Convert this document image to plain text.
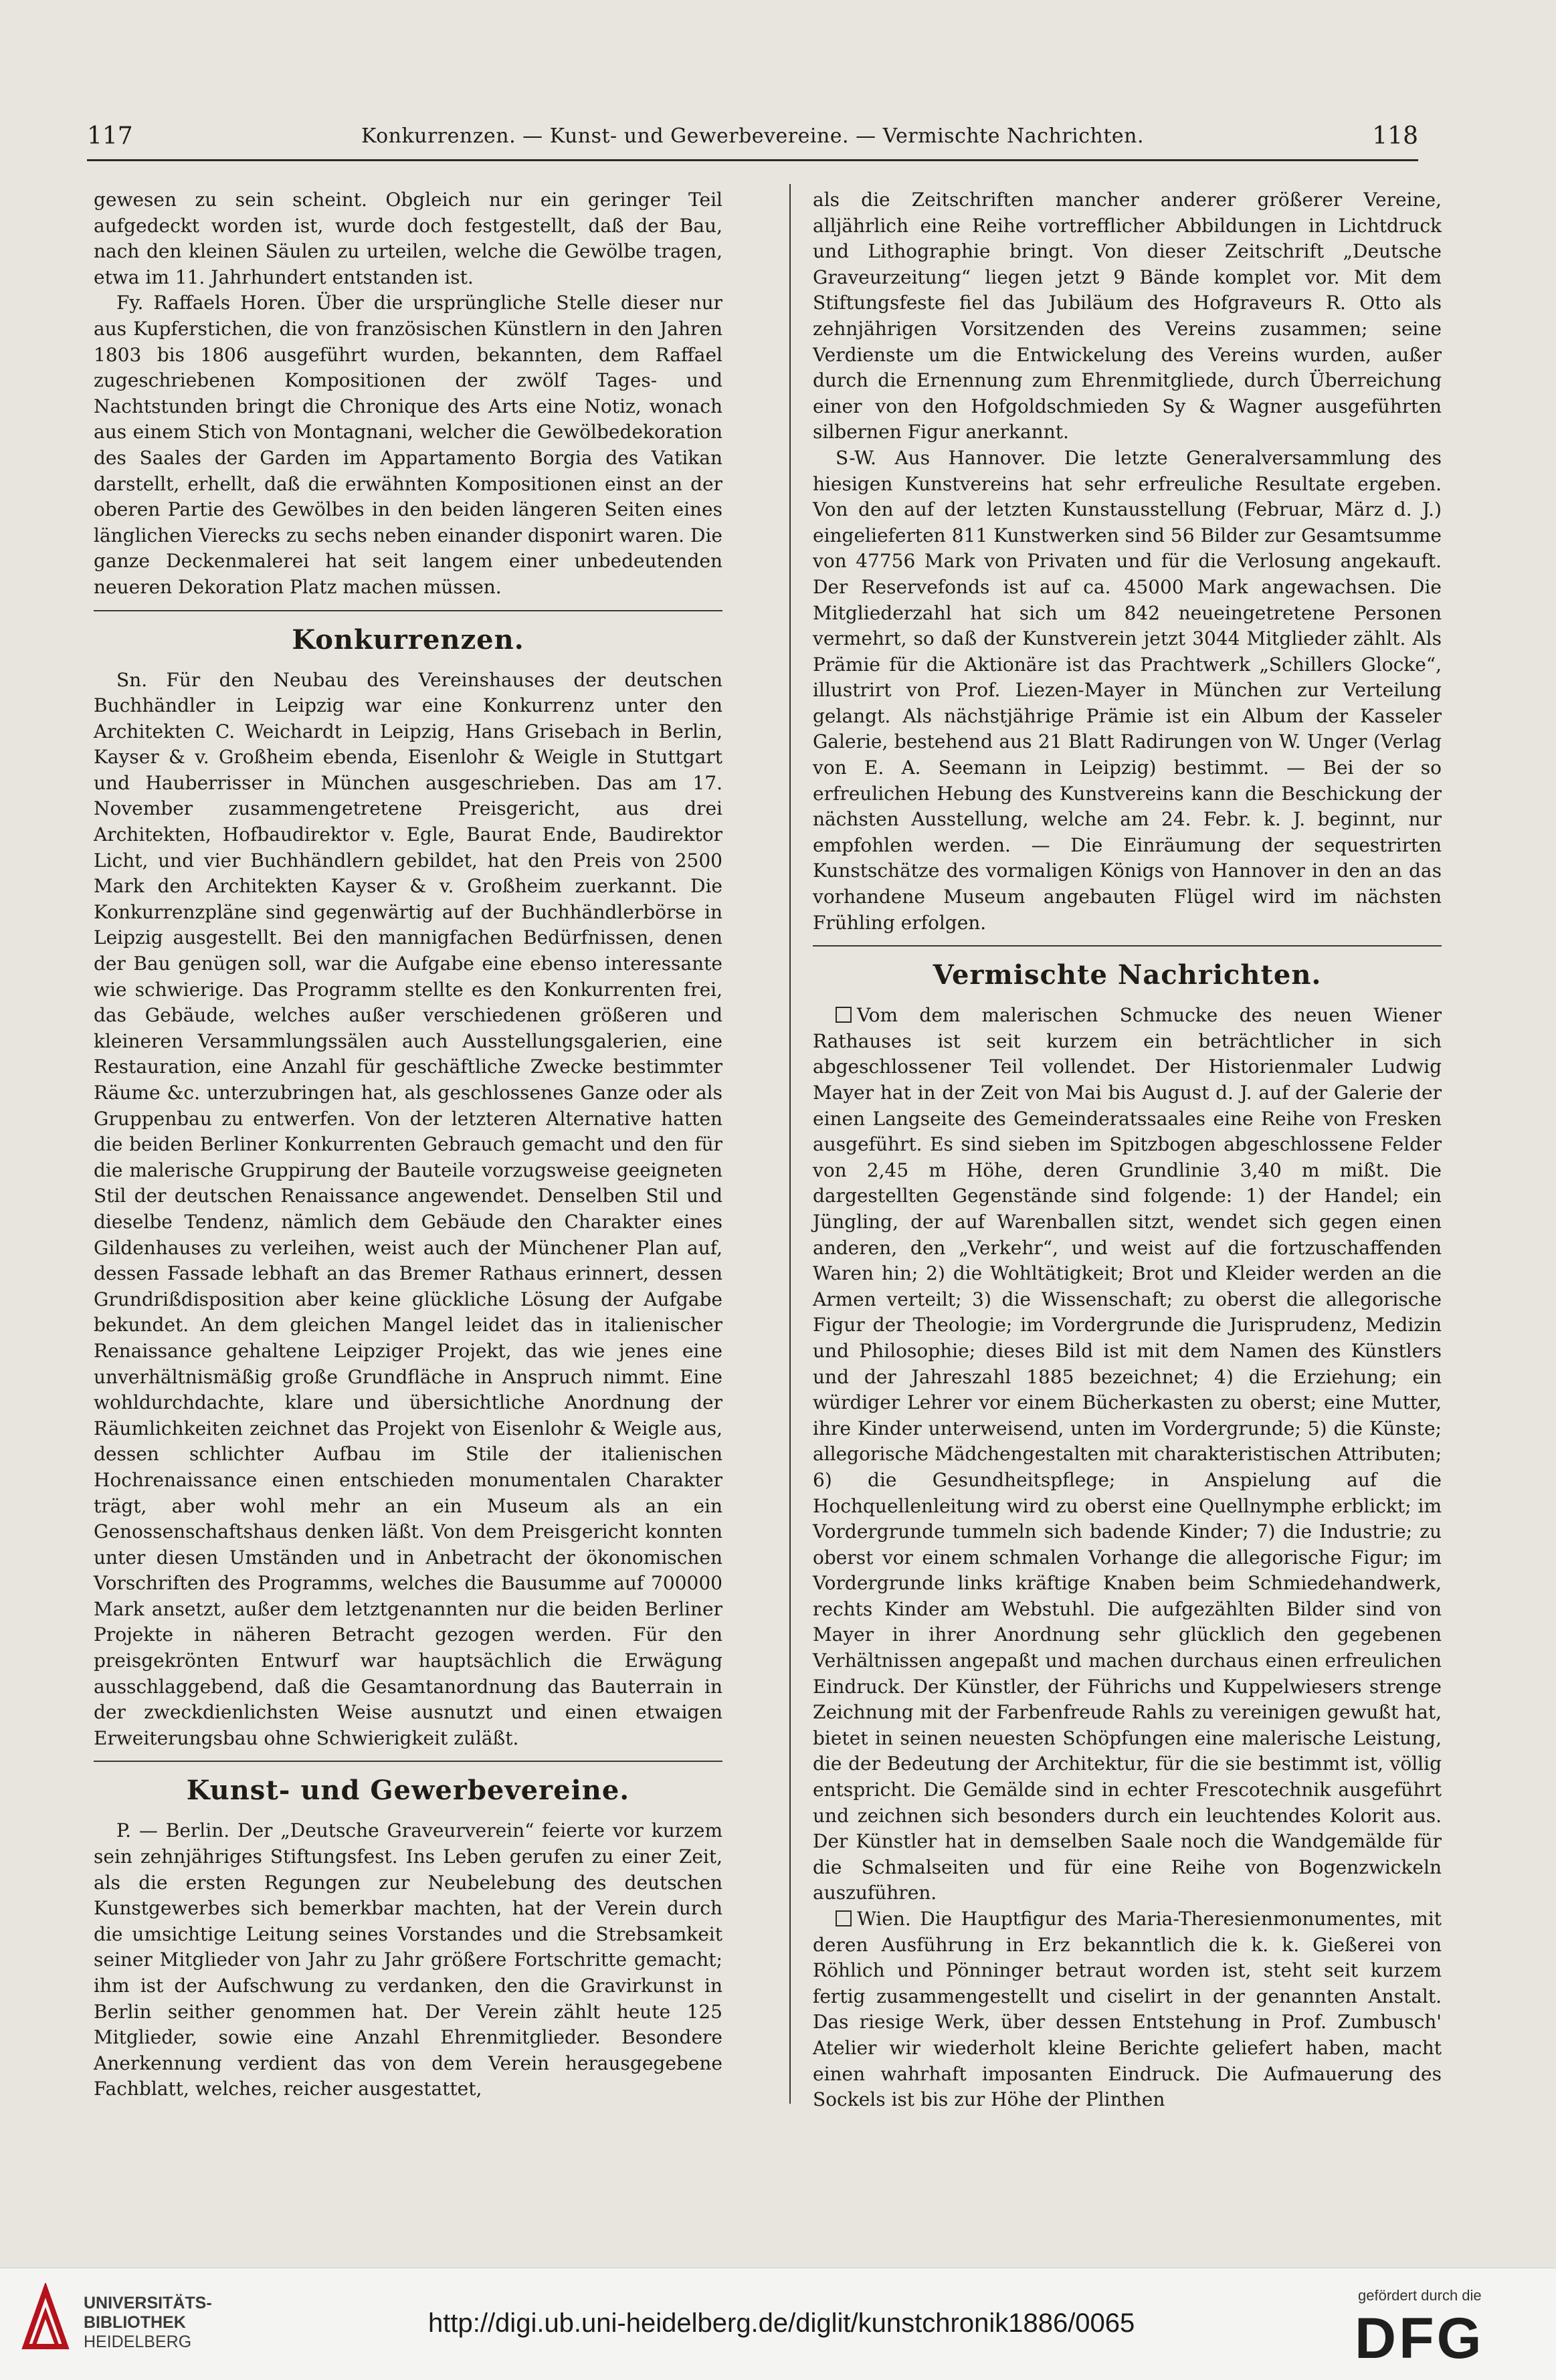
117	Konkurrenzen. — Kunst- und Gewerbevereine. — Vermischte Nachrichten.	118

gewesen zu sein scheint. Obgleich nur ein geringer Teil aufgedeckt worden ist, wurde doch festgestellt, daß der Bau, nach den kleinen Säulen zu urteilen, welche die Gewölbe tragen, etwa im 11. Jahrhundert entstanden ist.

Fy. Raffaels Horen. Über die ursprüngliche Stelle dieser nur aus Kupferstichen, die von französischen Künstlern in den Jahren 1803 bis 1806 ausgeführt wurden, bekannten, dem Raffael zugeschriebenen Kompositionen der zwölf Tages- und Nachtstunden bringt die Chronique des Arts eine Notiz, wonach aus einem Stich von Montagnani, welcher die Gewölbedekoration des Saales der Garden im Appartamento Borgia des Vatikan darstellt, erhellt, daß die erwähnten Kompositionen einst an der oberen Partie des Gewölbes in den beiden längeren Seiten eines länglichen Vierecks zu sechs neben einander disponirt waren. Die ganze Deckenmalerei hat seit langem einer unbedeutenden neueren Dekoration Platz machen müssen.

Konkurrenzen.

Sn. Für den Neubau des Vereinshauses der deutschen Buchhändler in Leipzig war eine Konkurrenz unter den Architekten C. Weichardt in Leipzig, Hans Grisebach in Berlin, Kayser & v. Großheim ebenda, Eisenlohr & Weigle in Stuttgart und Hauberrisser in München ausgeschrieben. Das am 17. November zusammengetretene Preisgericht, aus drei Architekten, Hofbaudirektor v. Egle, Baurat Ende, Baudirektor Licht, und vier Buchhändlern gebildet, hat den Preis von 2500 Mark den Architekten Kayser & v. Großheim zuerkannt. Die Konkurrenzpläne sind gegenwärtig auf der Buchhändlerbörse in Leipzig ausgestellt. Bei den mannigfachen Bedürfnissen, denen der Bau genügen soll, war die Aufgabe eine ebenso interessante wie schwierige. Das Programm stellte es den Konkurrenten frei, das Gebäude, welches außer verschiedenen größeren und kleineren Versammlungssälen auch Ausstellungsgalerien, eine Restauration, eine Anzahl für geschäftliche Zwecke bestimmter Räume &c. unterzubringen hat, als geschlossenes Ganze oder als Gruppenbau zu entwerfen. Von der letzteren Alternative hatten die beiden Berliner Konkurrenten Gebrauch gemacht und den für die malerische Gruppirung der Bauteile vorzugsweise geeigneten Stil der deutschen Renaissance angewendet. Denselben Stil und dieselbe Tendenz, nämlich dem Gebäude den Charakter eines Gildenhauses zu verleihen, weist auch der Münchener Plan auf, dessen Fassade lebhaft an das Bremer Rathaus erinnert, dessen Grundrißdisposition aber keine glückliche Lösung der Aufgabe bekundet. An dem gleichen Mangel leidet das in italienischer Renaissance gehaltene Leipziger Projekt, das wie jenes eine unverhältnismäßig große Grundfläche in Anspruch nimmt. Eine wohldurchdachte, klare und übersichtliche Anordnung der Räumlichkeiten zeichnet das Projekt von Eisenlohr & Weigle aus, dessen schlichter Aufbau im Stile der italienischen Hochrenaissance einen entschieden monumentalen Charakter trägt, aber wohl mehr an ein Museum als an ein Genossenschaftshaus denken läßt. Von dem Preisgericht konnten unter diesen Umständen und in Anbetracht der ökonomischen Vorschriften des Programms, welches die Bausumme auf 700000 Mark ansetzt, außer dem letztgenannten nur die beiden Berliner Projekte in näheren Betracht gezogen werden. Für den preisgekrönten Entwurf war hauptsächlich die Erwägung ausschlaggebend, daß die Gesamtanordnung das Bauterrain in der zweckdienlichsten Weise ausnutzt und einen etwaigen Erweiterungsbau ohne Schwierigkeit zuläßt.

Kunst- und Gewerbevereine.

P. — Berlin. Der „Deutsche Graveurverein“ feierte vor kurzem sein zehnjähriges Stiftungsfest. Ins Leben gerufen zu einer Zeit, als die ersten Regungen zur Neubelebung des deutschen Kunstgewerbes sich bemerkbar machten, hat der Verein durch die umsichtige Leitung seines Vorstandes und die Strebsamkeit seiner Mitglieder von Jahr zu Jahr größere Fortschritte gemacht; ihm ist der Aufschwung zu verdanken, den die Gravirkunst in Berlin seither genommen hat. Der Verein zählt heute 125 Mitglieder, sowie eine Anzahl Ehrenmitglieder. Besondere Anerkennung verdient das von dem Verein herausgegebene Fachblatt, welches, reicher ausgestattet,

als die Zeitschriften mancher anderer größerer Vereine, alljährlich eine Reihe vortrefflicher Abbildungen in Lichtdruck und Lithographie bringt. Von dieser Zeitschrift „Deutsche Graveurzeitung“ liegen jetzt 9 Bände komplet vor. Mit dem Stiftungsfeste fiel das Jubiläum des Hofgraveurs R. Otto als zehnjährigen Vorsitzenden des Vereins zusammen; seine Verdienste um die Entwickelung des Vereins wurden, außer durch die Ernennung zum Ehrenmitgliede, durch Überreichung einer von den Hofgoldschmieden Sy & Wagner ausgeführten silbernen Figur anerkannt.

S-W. Aus Hannover. Die letzte Generalversammlung des hiesigen Kunstvereins hat sehr erfreuliche Resultate ergeben. Von den auf der letzten Kunstausstellung (Februar, März d. J.) eingelieferten 811 Kunstwerken sind 56 Bilder zur Gesamtsumme von 47756 Mark von Privaten und für die Verlosung angekauft. Der Reservefonds ist auf ca. 45000 Mark angewachsen. Die Mitgliederzahl hat sich um 842 neueingetretene Personen vermehrt, so daß der Kunstverein jetzt 3044 Mitglieder zählt. Als Prämie für die Aktionäre ist das Prachtwerk „Schillers Glocke“, illustrirt von Prof. Liezen-Mayer in München zur Verteilung gelangt. Als nächstjährige Prämie ist ein Album der Kasseler Galerie, bestehend aus 21 Blatt Radirungen von W. Unger (Verlag von E. A. Seemann in Leipzig) bestimmt. — Bei der so erfreulichen Hebung des Kunstvereins kann die Beschickung der nächsten Ausstellung, welche am 24. Febr. k. J. beginnt, nur empfohlen werden. — Die Einräumung der sequestrirten Kunstschätze des vormaligen Königs von Hannover in den an das vorhandene Museum angebauten Flügel wird im nächsten Frühling erfolgen.

Vermischte Nachrichten.

Vom dem malerischen Schmucke des neuen Wiener Rathauses ist seit kurzem ein beträchtlicher in sich abgeschlossener Teil vollendet. Der Historienmaler Ludwig Mayer hat in der Zeit von Mai bis August d. J. auf der Galerie der einen Langseite des Gemeinderatssaales eine Reihe von Fresken ausgeführt. Es sind sieben im Spitzbogen abgeschlossene Felder von 2,45 m Höhe, deren Grundlinie 3,40 m mißt. Die dargestellten Gegenstände sind folgende: 1) der Handel; ein Jüngling, der auf Warenballen sitzt, wendet sich gegen einen anderen, den „Verkehr“, und weist auf die fortzuschaffenden Waren hin; 2) die Wohltätigkeit; Brot und Kleider werden an die Armen verteilt; 3) die Wissenschaft; zu oberst die allegorische Figur der Theologie; im Vordergrunde die Jurisprudenz, Medizin und Philosophie; dieses Bild ist mit dem Namen des Künstlers und der Jahreszahl 1885 bezeichnet; 4) die Erziehung; ein würdiger Lehrer vor einem Bücherkasten zu oberst; eine Mutter, ihre Kinder unterweisend, unten im Vordergrunde; 5) die Künste; allegorische Mädchengestalten mit charakteristischen Attributen; 6) die Gesundheitspflege; in Anspielung auf die Hochquellenleitung wird zu oberst eine Quellnymphe erblickt; im Vordergrunde tummeln sich badende Kinder; 7) die Industrie; zu oberst vor einem schmalen Vorhange die allegorische Figur; im Vordergrunde links kräftige Knaben beim Schmiedehandwerk, rechts Kinder am Webstuhl. Die aufgezählten Bilder sind von Mayer in ihrer Anordnung sehr glücklich den gegebenen Verhältnissen angepaßt und machen durchaus einen erfreulichen Eindruck. Der Künstler, der Führichs und Kuppelwiesers strenge Zeichnung mit der Farbenfreude Rahls zu vereinigen gewußt hat, bietet in seinen neuesten Schöpfungen eine malerische Leistung, die der Bedeutung der Architektur, für die sie bestimmt ist, völlig entspricht. Die Gemälde sind in echter Frescotechnik ausgeführt und zeichnen sich besonders durch ein leuchtendes Kolorit aus. Der Künstler hat in demselben Saale noch die Wandgemälde für die Schmalseiten und für eine Reihe von Bogenzwickeln auszuführen.

Wien. Die Hauptfigur des Maria-Theresienmonumentes, mit deren Ausführung in Erz bekanntlich die k. k. Gießerei von Röhlich und Pönninger betraut worden ist, steht seit kurzem fertig zusammengestellt und ciselirt in der genannten Anstalt. Das riesige Werk, über dessen Entstehung in Prof. Zumbusch' Atelier wir wiederholt kleine Berichte geliefert haben, macht einen wahrhaft imposanten Eindruck. Die Aufmauerung des Sockels ist bis zur Höhe der Plinthen

UNIVERSITÄTS-
BIBLIOTHEK
HEIDELBERG
http://digi.ub.uni-heidelberg.de/diglit/kunstchronik1886/0065
gefördert durch die
DFG
